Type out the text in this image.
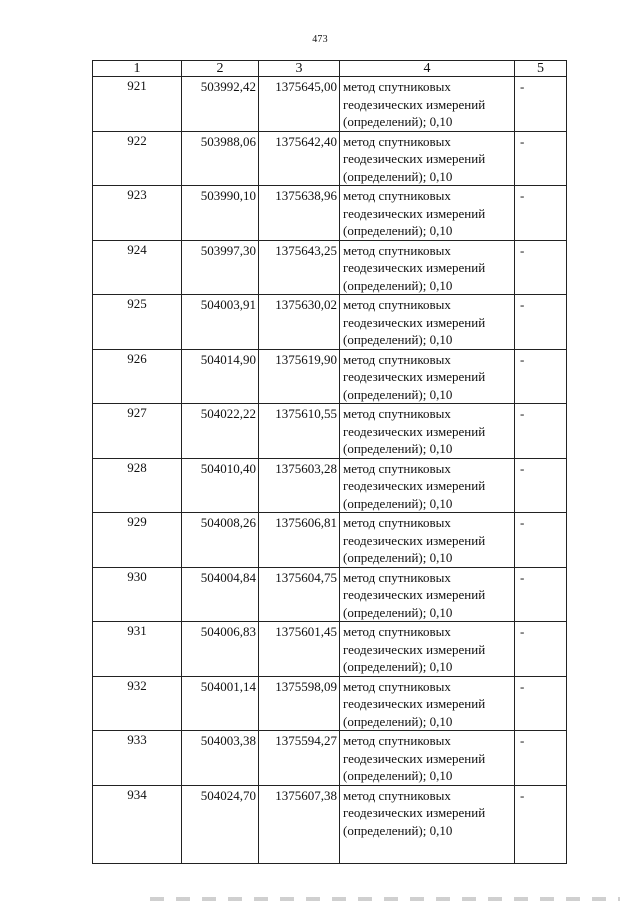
473
1	2	3	4	5
921	503992,42	1375645,00	метод спутниковых
геодезических измерений
(определений); 0,10	-
922	503988,06	1375642,40	метод спутниковых
геодезических измерений
(определений); 0,10	-
923	503990,10	1375638,96	метод спутниковых
геодезических измерений
(определений); 0,10	-
924	503997,30	1375643,25	метод спутниковых
геодезических измерений
(определений); 0,10	-
925	504003,91	1375630,02	метод спутниковых
геодезических измерений
(определений); 0,10	-
926	504014,90	1375619,90	метод спутниковых
геодезических измерений
(определений); 0,10	-
927	504022,22	1375610,55	метод спутниковых
геодезических измерений
(определений); 0,10	-
928	504010,40	1375603,28	метод спутниковых
геодезических измерений
(определений); 0,10	-
929	504008,26	1375606,81	метод спутниковых
геодезических измерений
(определений); 0,10	-
930	504004,84	1375604,75	метод спутниковых
геодезических измерений
(определений); 0,10	-
931	504006,83	1375601,45	метод спутниковых
геодезических измерений
(определений); 0,10	-
932	504001,14	1375598,09	метод спутниковых
геодезических измерений
(определений); 0,10	-
933	504003,38	1375594,27	метод спутниковых
геодезических измерений
(определений); 0,10	-
934	504024,70	1375607,38	метод спутниковых
геодезических измерений
(определений); 0,10	-
